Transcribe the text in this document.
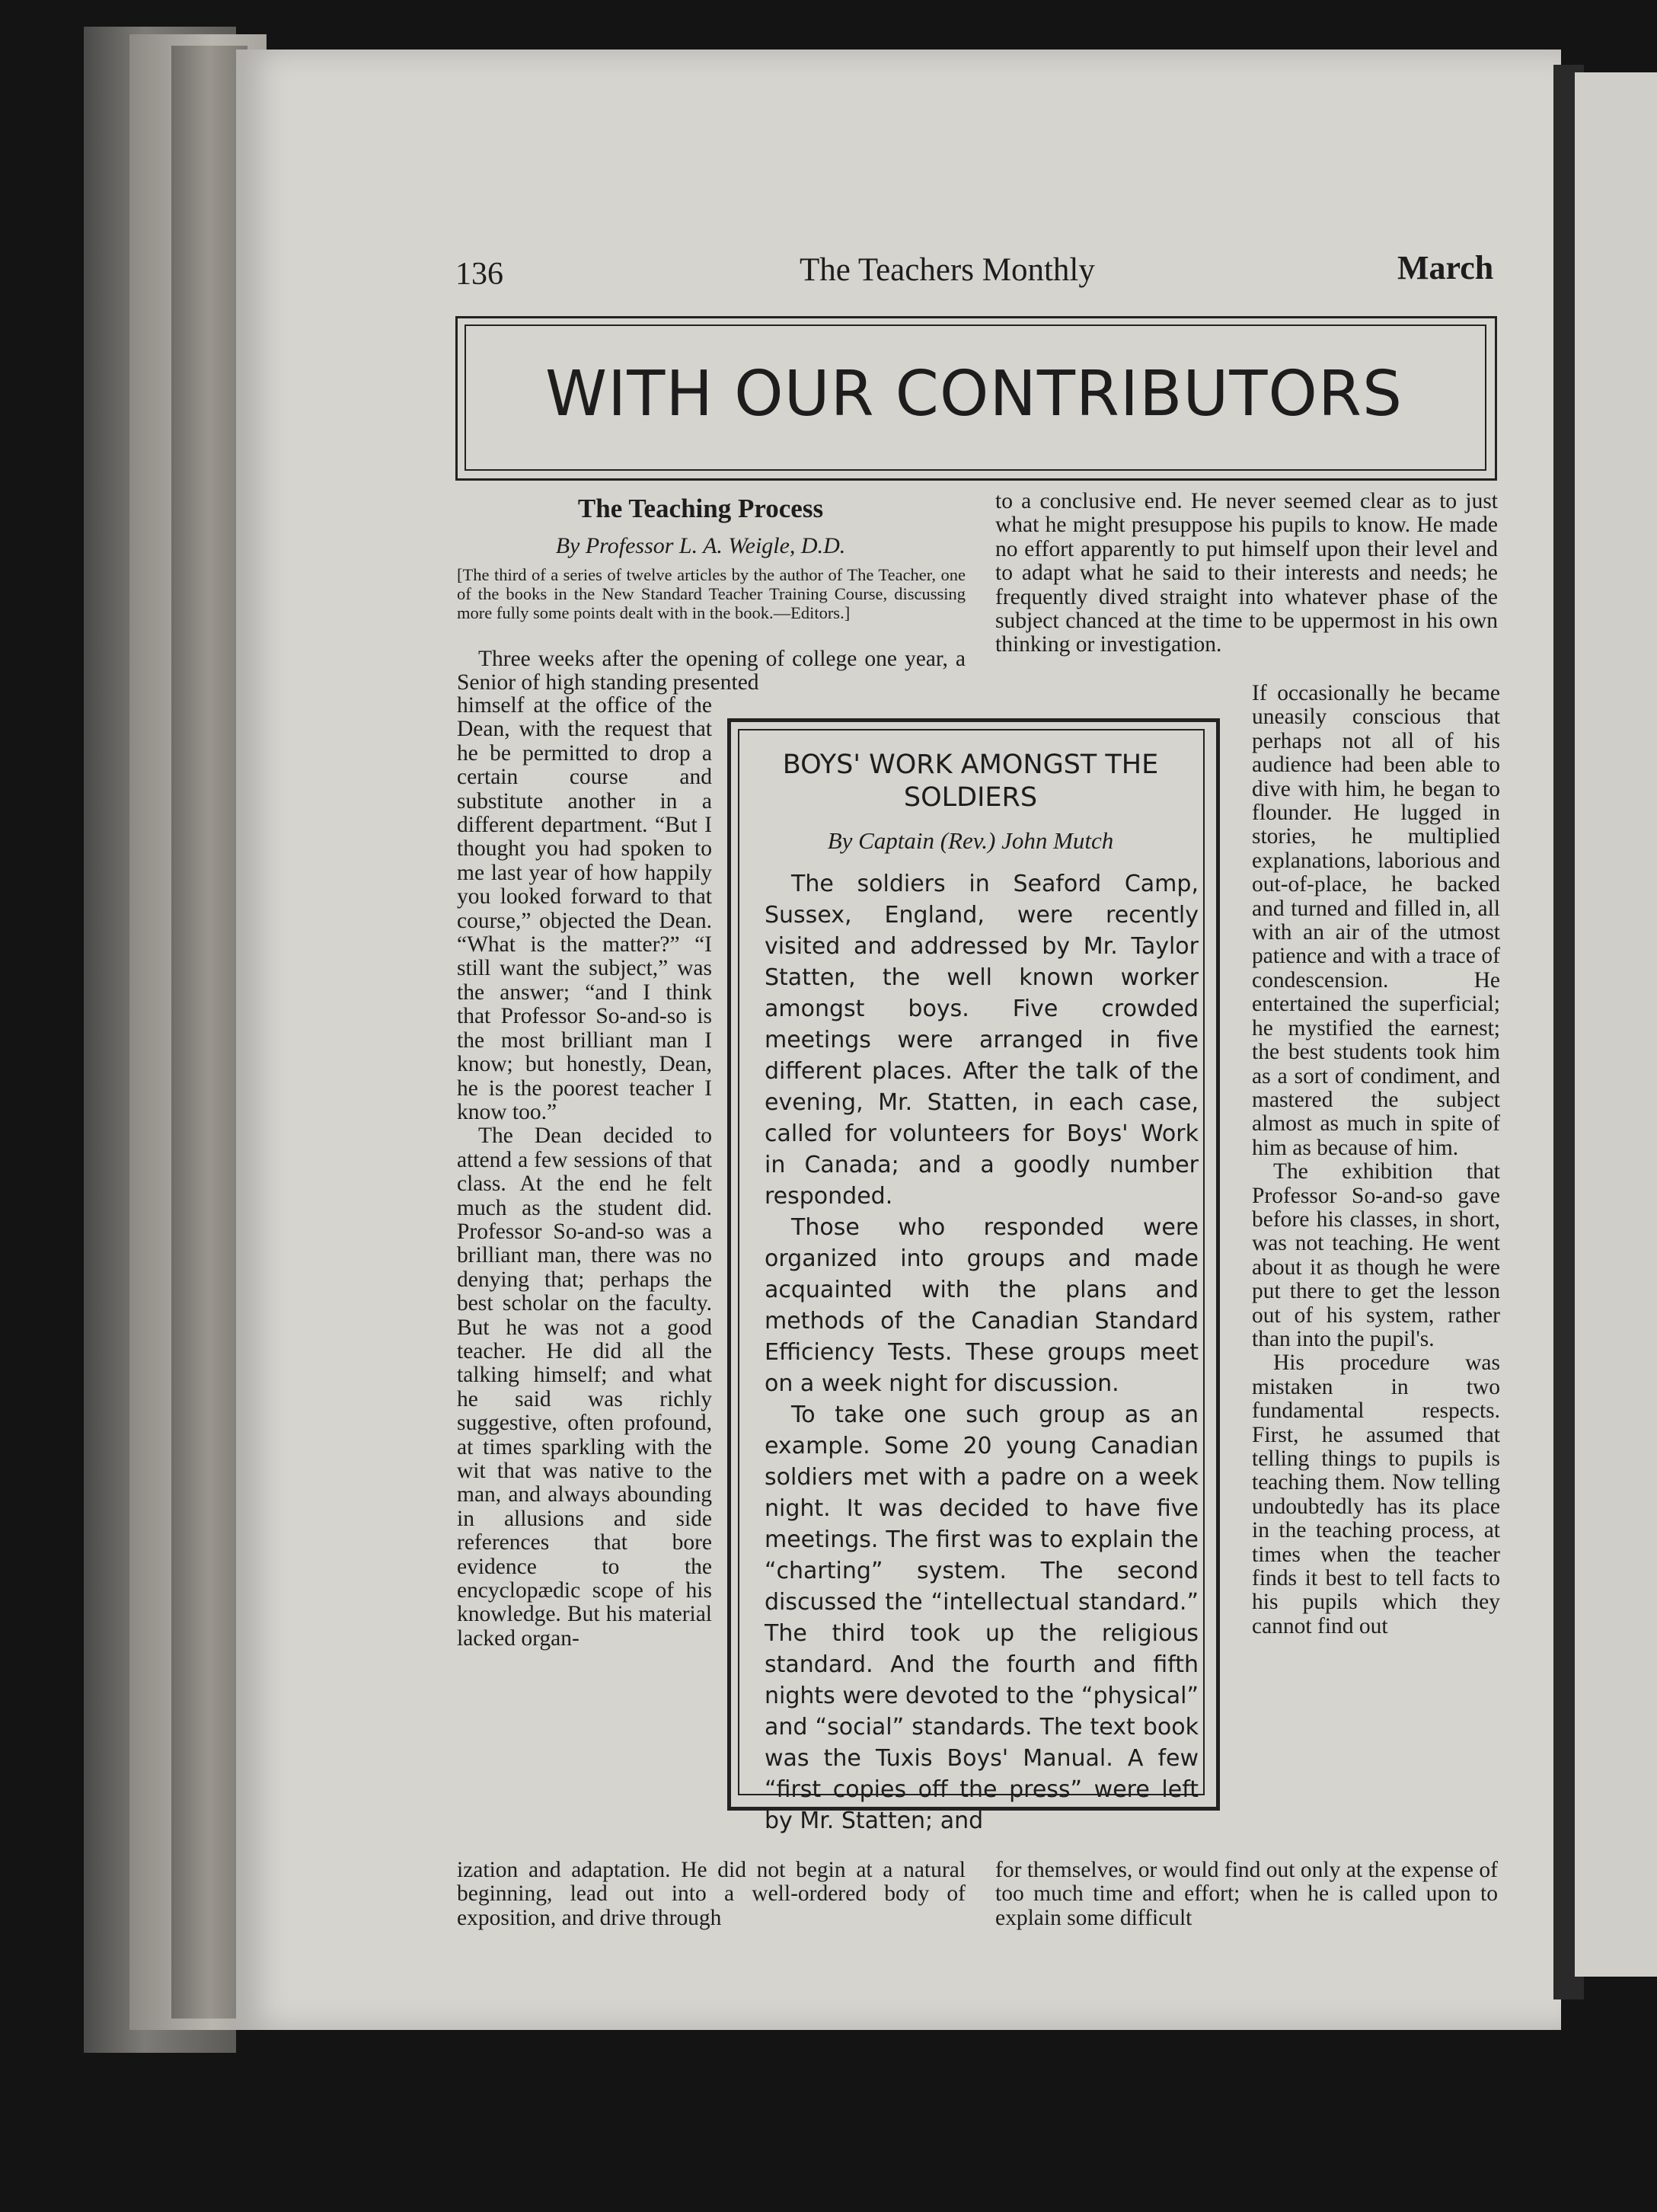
136	The Teachers Monthly	March
WITH OUR CONTRIBUTORS
The Teaching Process
By Professor L. A. Weigle, D.D.
[The third of a series of twelve articles by the author of The Teacher, one of the books in the New Standard Teacher Training Course, discussing more fully some points dealt with in the book.—Editors.]
Three weeks after the opening of college one year, a Senior of high standing presented
himself at the office of the Dean, with the request that he be permitted to drop a certain course and substitute another in a different department. “But I thought you had spoken to me last year of how happily you looked forward to that course,” objected the Dean. “What is the matter?” “I still want the subject,” was the answer; “and I think that Professor So-and-so is the most brilliant man I know; but honestly, Dean, he is the poorest teacher I know too.”
The Dean decided to attend a few sessions of that class. At the end he felt much as the student did. Professor So-and-so was a brilliant man, there was no denying that; perhaps the best scholar on the faculty. But he was not a good teacher. He did all the talking himself; and what he said was richly suggestive, often profound, at times sparkling with the wit that was native to the man, and always abounding in allusions and side references that bore evidence to the encyclopædic scope of his knowledge. But his material lacked organ-
ization and adaptation. He did not begin at a natural beginning, lead out into a well-ordered body of exposition, and drive through
to a conclusive end. He never seemed clear as to just what he might presuppose his pupils to know. He made no effort apparently to put himself upon their level and to adapt what he said to their interests and needs; he frequently dived straight into whatever phase of the subject chanced at the time to be uppermost in his own thinking or investigation.
If occasionally he became uneasily conscious that perhaps not all of his audience had been able to dive with him, he began to flounder. He lugged in stories, he multiplied explanations, laborious and out-of-place, he backed and turned and filled in, all with an air of the utmost patience and with a trace of condescension. He entertained the superficial; he mystified the earnest; the best students took him as a sort of condiment, and mastered the subject almost as much in spite of him as because of him.
The exhibition that Professor So-and-so gave before his classes, in short, was not teaching. He went about it as though he were put there to get the lesson out of his system, rather than into the pupil's.
His procedure was mistaken in two fundamental respects. First, he assumed that telling things to pupils is teaching them. Now telling undoubtedly has its place in the teaching process, at times when the teacher finds it best to tell facts to his pupils which they cannot find out
for themselves, or would find out only at the expense of too much time and effort; when he is called upon to explain some difficult
BOYS' WORK AMONGST THE SOLDIERS
By Captain (Rev.) John Mutch

The soldiers in Seaford Camp, Sussex, England, were recently visited and addressed by Mr. Taylor Statten, the well known worker amongst boys. Five crowded meetings were arranged in five different places. After the talk of the evening, Mr. Statten, in each case, called for volunteers for Boys' Work in Canada; and a goodly number responded.

Those who responded were organized into groups and made acquainted with the plans and methods of the Canadian Standard Efficiency Tests. These groups meet on a week night for discussion.

To take one such group as an example. Some 20 young Canadian soldiers met with a padre on a week night. It was decided to have five meetings. The first was to explain the “charting” system. The second discussed the “intellectual standard.” The third took up the religious standard. And the fourth and fifth nights were devoted to the “physical” and “social” standards. The text book was the Tuxis Boys' Manual. A few “first copies off the press” were left by Mr. Statten; and
